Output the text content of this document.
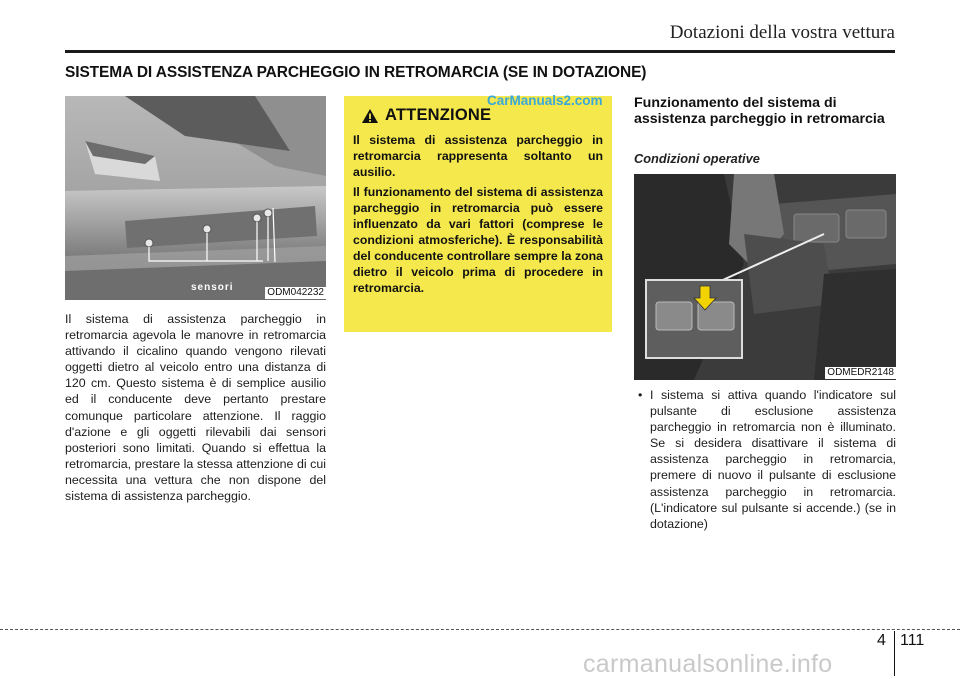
Dotazioni della vostra vettura
SISTEMA DI ASSISTENZA PARCHEGGIO IN RETROMARCIA (SE IN DOTAZIONE)
sensori	ODM042232
Il sistema di assistenza parcheggio in retromarcia agevola le manovre in retromarcia attivando il cicalino quando vengono rilevati oggetti dietro al veicolo entro una distanza di 120 cm. Questo sistema è di semplice ausilio ed il conducente deve pertanto prestare comunque particolare attenzione. Il raggio d'azione e gli oggetti rilevabili dai sensori posteriori sono limitati. Quando si effettua la retromarcia, prestare la stessa attenzione di cui necessita una vettura che non dispone del sistema di assistenza parcheggio.
ATTENZIONE

Il sistema di assistenza parcheggio in retromarcia rappresenta soltanto un ausilio.

Il funzionamento del sistema di assistenza parcheggio in retromarcia può essere influenzato da vari fattori (comprese le condizioni atmosferiche). È responsabilità del conducente controllare sempre la zona dietro il veicolo prima di procedere in retromarcia.

CarManuals2.com Funzionamento del sistema di assistenza parcheggio in retromarcia
Condizioni operative
ODMEDR2148
• I sistema si attiva quando l'indicatore sul pulsante di esclusione assistenza parcheggio in retromarcia non è illuminato. Se si desidera disattivare il sistema di assistenza parcheggio in retromarcia, premere di nuovo il pulsante di esclusione assistenza parcheggio in retromarcia. (L'indicatore sul pulsante si accende.) (se in dotazione)
4 111
carmanualsonline.info
